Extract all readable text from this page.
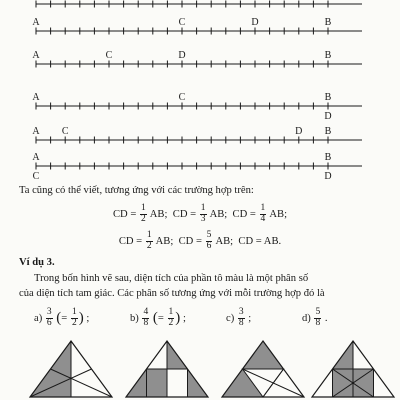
A	C	D	B
A	C	D	B
A	C	B
D
A C	D B
A	B
C	D
Ta cũng có thể viết, tương ứng với các trường hợp trên:
CD = $\frac{1}{2}$ AB; CD = $\frac{1}{3}$ AB; CD = $\frac{1}{4}$ AB;
CD = $\frac{1}{2}$ AB; CD = $\frac{5}{6}$ AB; CD = AB.
Ví dụ 3.
Trong bốn hình vẽ sau, diện tích của phần tô màu là một phân số
của diện tích tam giác. Các phân số tương ứng với mỗi trường hợp đó là
$a) \frac{3}{6}$ (= $\frac{1}{2}$ ) ;	$b) \frac{4}{8}$ (= $\frac{1}{2}$ ) ;	$c) \frac{3}{8}$ ;	$d) \frac{5}{8}$ .
